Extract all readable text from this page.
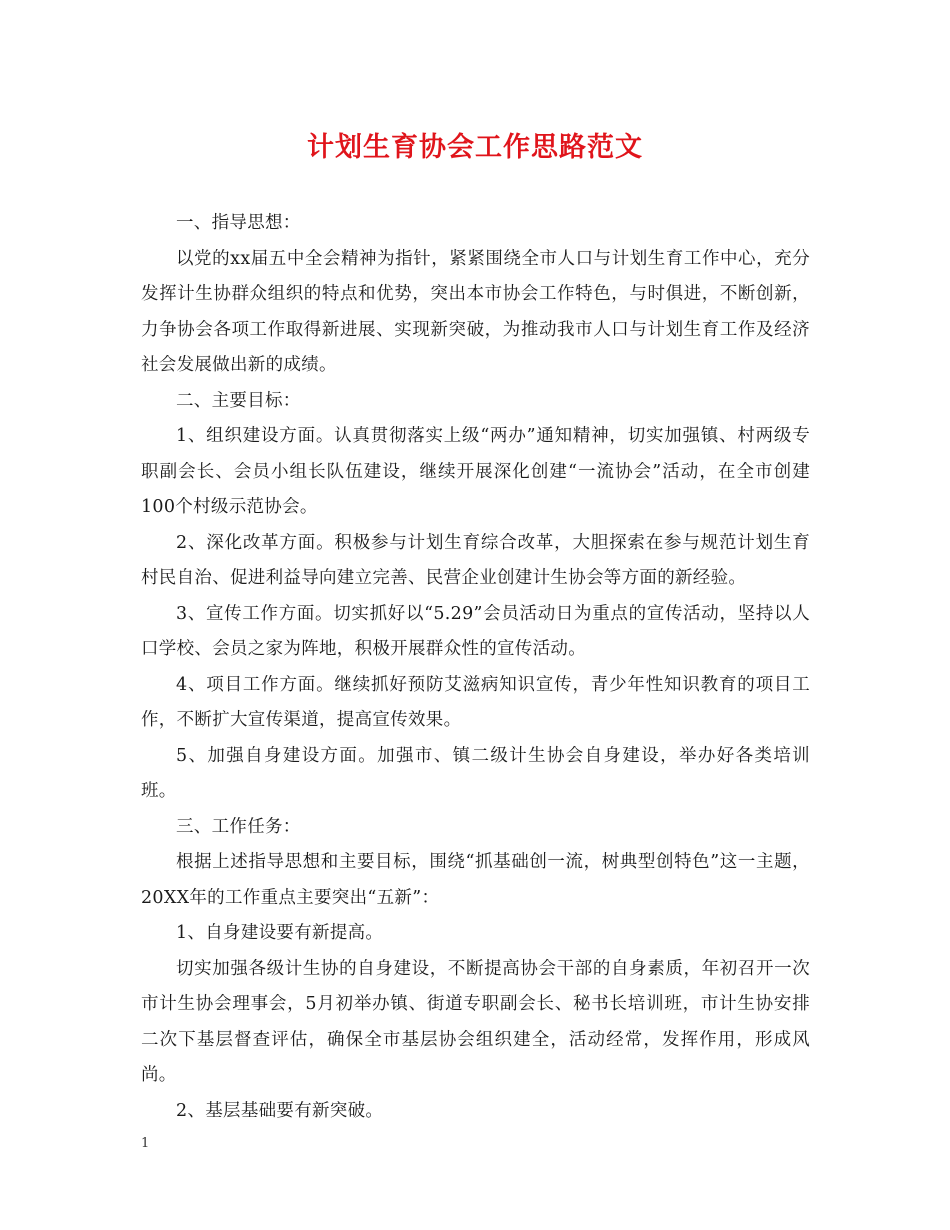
计划生育协会工作思路范文

一、指导思想：

以党的xx届五中全会精神为指针，紧紧围绕全市人口与计划生育工作中心，充分发挥计生协群众组织的特点和优势，突出本市协会工作特色，与时俱进，不断创新，力争协会各项工作取得新进展、实现新突破，为推动我市人口与计划生育工作及经济社会发展做出新的成绩。

二、主要目标：

1、组织建设方面。认真贯彻落实上级“两办”通知精神，切实加强镇、村两级专职副会长、会员小组长队伍建设，继续开展深化创建“一流协会”活动，在全市创建100个村级示范协会。

2、深化改革方面。积极参与计划生育综合改革，大胆探索在参与规范计划生育村民自治、促进利益导向建立完善、民营企业创建计生协会等方面的新经验。

3、宣传工作方面。切实抓好以“5.29”会员活动日为重点的宣传活动，坚持以人口学校、会员之家为阵地，积极开展群众性的宣传活动。

4、项目工作方面。继续抓好预防艾滋病知识宣传，青少年性知识教育的项目工作，不断扩大宣传渠道，提高宣传效果。

5、加强自身建设方面。加强市、镇二级计生协会自身建设，举办好各类培训班。

三、工作任务：

根据上述指导思想和主要目标，围绕“抓基础创一流，树典型创特色”这一主题，20XX年的工作重点主要突出“五新”：

1、自身建设要有新提高。

切实加强各级计生协的自身建设，不断提高协会干部的自身素质，年初召开一次市计生协会理事会，5月初举办镇、街道专职副会长、秘书长培训班，市计生协安排二次下基层督查评估，确保全市基层协会组织建全，活动经常，发挥作用，形成风尚。

2、基层基础要有新突破。

1
